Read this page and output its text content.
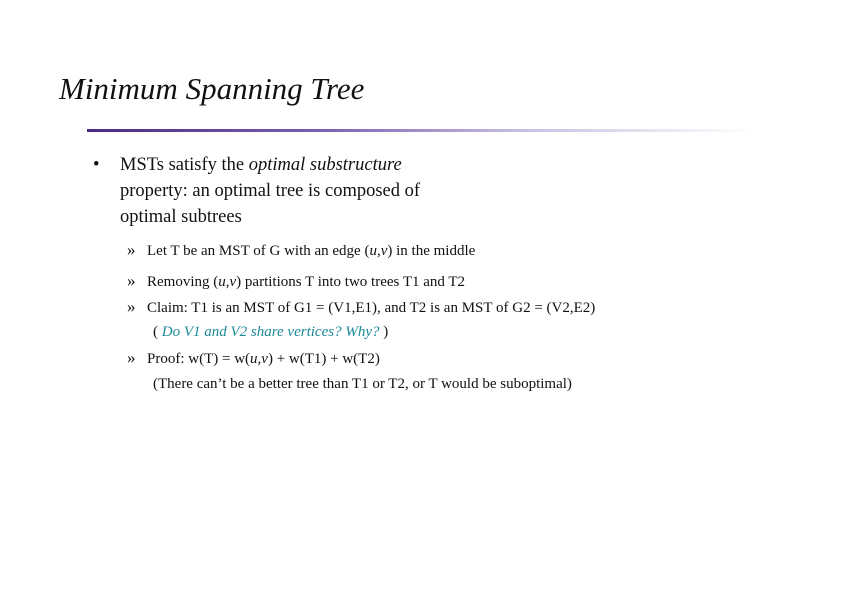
Minimum Spanning Tree
• MSTs satisfy the optimal substructure
property: an optimal tree is composed of
optimal subtrees
» Let T be an MST of G with an edge (u,v) in the middle
» Removing (u,v) partitions T into two trees T1 and T2
» Claim: T1 is an MST of G1 = (V1,E1), and T2 is an MST of G2 = (V2,E2)
( Do V1 and V2 share vertices? Why? )
» Proof: w(T) = w(u,v) + w(T1) + w(T2)
(There can’t be a better tree than T1 or T2, or T would be suboptimal)
